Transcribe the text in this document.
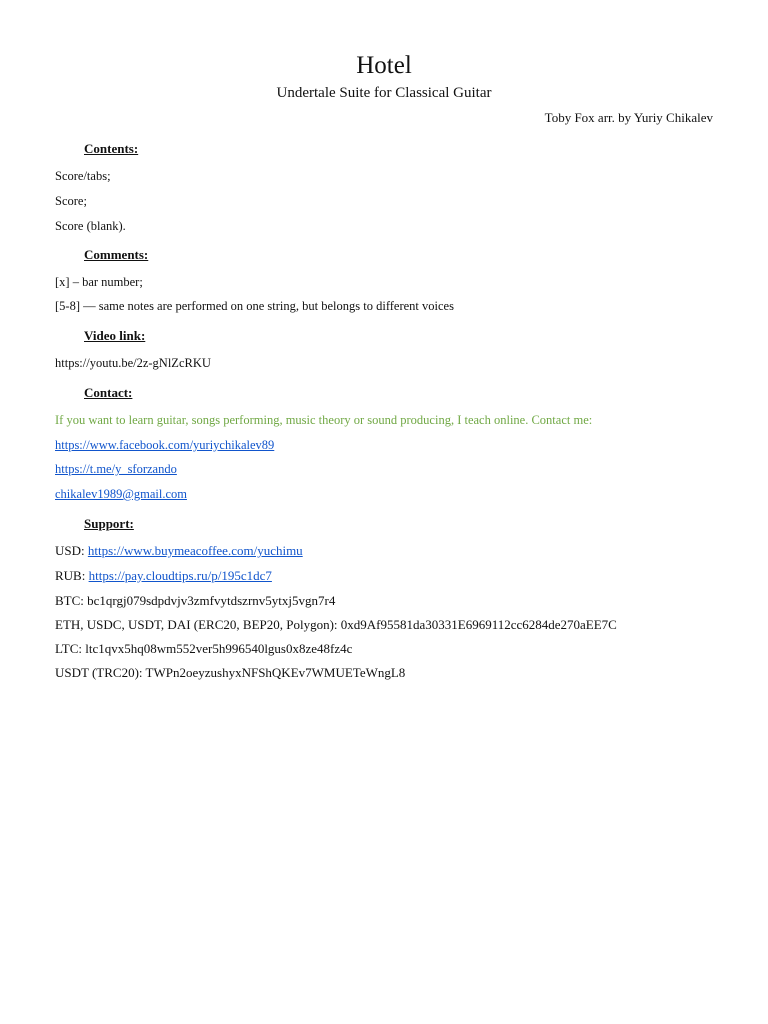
Hotel
Undertale Suite for Classical Guitar
Toby Fox arr. by Yuriy Chikalev
Contents:
Score/tabs;
Score;
Score (blank).
Comments:
[x] – bar number;
[5-8] — same notes are performed on one string, but belongs to different voices
Video link:
https://youtu.be/2z-gNlZcRKU
Contact:
If you want to learn guitar, songs performing, music theory or sound producing, I teach online. Contact me:
https://www.facebook.com/yuriychikalev89
https://t.me/y_sforzando
chikalev1989@gmail.com
Support:
USD: https://www.buymeacoffee.com/yuchimu
RUB: https://pay.cloudtips.ru/p/195c1dc7
BTC: bc1qrgj079sdpdvjv3zmfvytdszrnv5ytxj5vgn7r4
ETH, USDC, USDT, DAI (ERC20, BEP20, Polygon): 0xd9Af95581da30331E6969112cc6284de270aEE7C
LTC: ltc1qvx5hq08wm552ver5h996540lgus0x8ze48fz4c
USDT (TRC20): TWPn2oeyzushyxNFShQKEv7WMUETeWngL8
